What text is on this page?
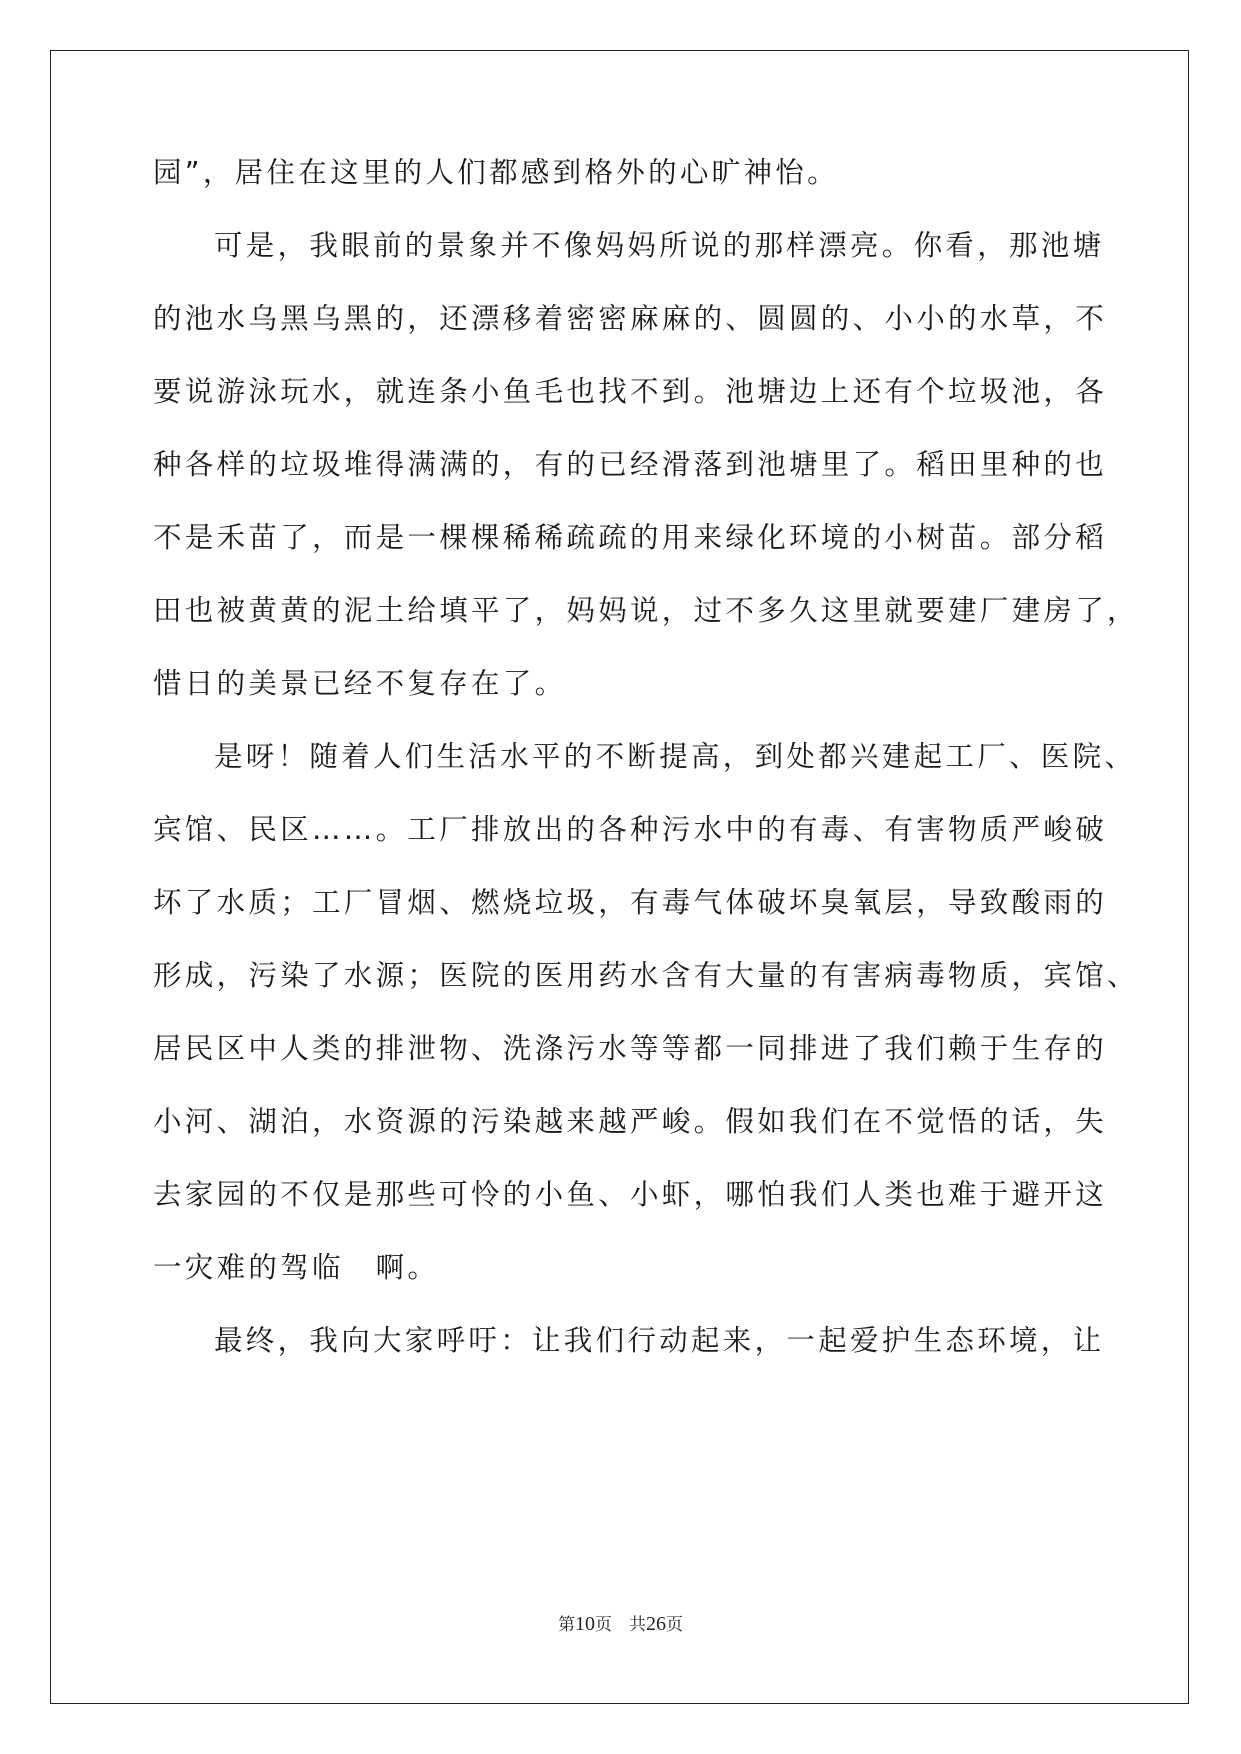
园”，居住在这里的人们都感到格外的心旷神怡。

可是，我眼前的景象并不像妈妈所说的那样漂亮。你看，那池塘

的池水乌黑乌黑的，还漂移着密密麻麻的、圆圆的、小小的水草，不

要说游泳玩水，就连条小鱼毛也找不到。池塘边上还有个垃圾池，各

种各样的垃圾堆得满满的，有的已经滑落到池塘里了。稻田里种的也

不是禾苗了，而是一棵棵稀稀疏疏的用来绿化环境的小树苗。部分稻

田也被黄黄的泥土给填平了，妈妈说，过不多久这里就要建厂建房了，

惜日的美景已经不复存在了。

是呀！随着人们生活水平的不断提高，到处都兴建起工厂、医院、

宾馆、民区……。工厂排放出的各种污水中的有毒、有害物质严峻破

坏了水质；工厂冒烟、燃烧垃圾，有毒气体破坏臭氧层，导致酸雨的

形成，污染了水源；医院的医用药水含有大量的有害病毒物质，宾馆、

居民区中人类的排泄物、洗涤污水等等都一同排进了我们赖于生存的

小河、湖泊，水资源的污染越来越严峻。假如我们在不觉悟的话，失

去家园的不仅是那些可怜的小鱼、小虾，哪怕我们人类也难于避开这

一灾难的驾临　啊。

最终，我向大家呼吁：让我们行动起来，一起爱护生态环境，让

第10页　共26页
